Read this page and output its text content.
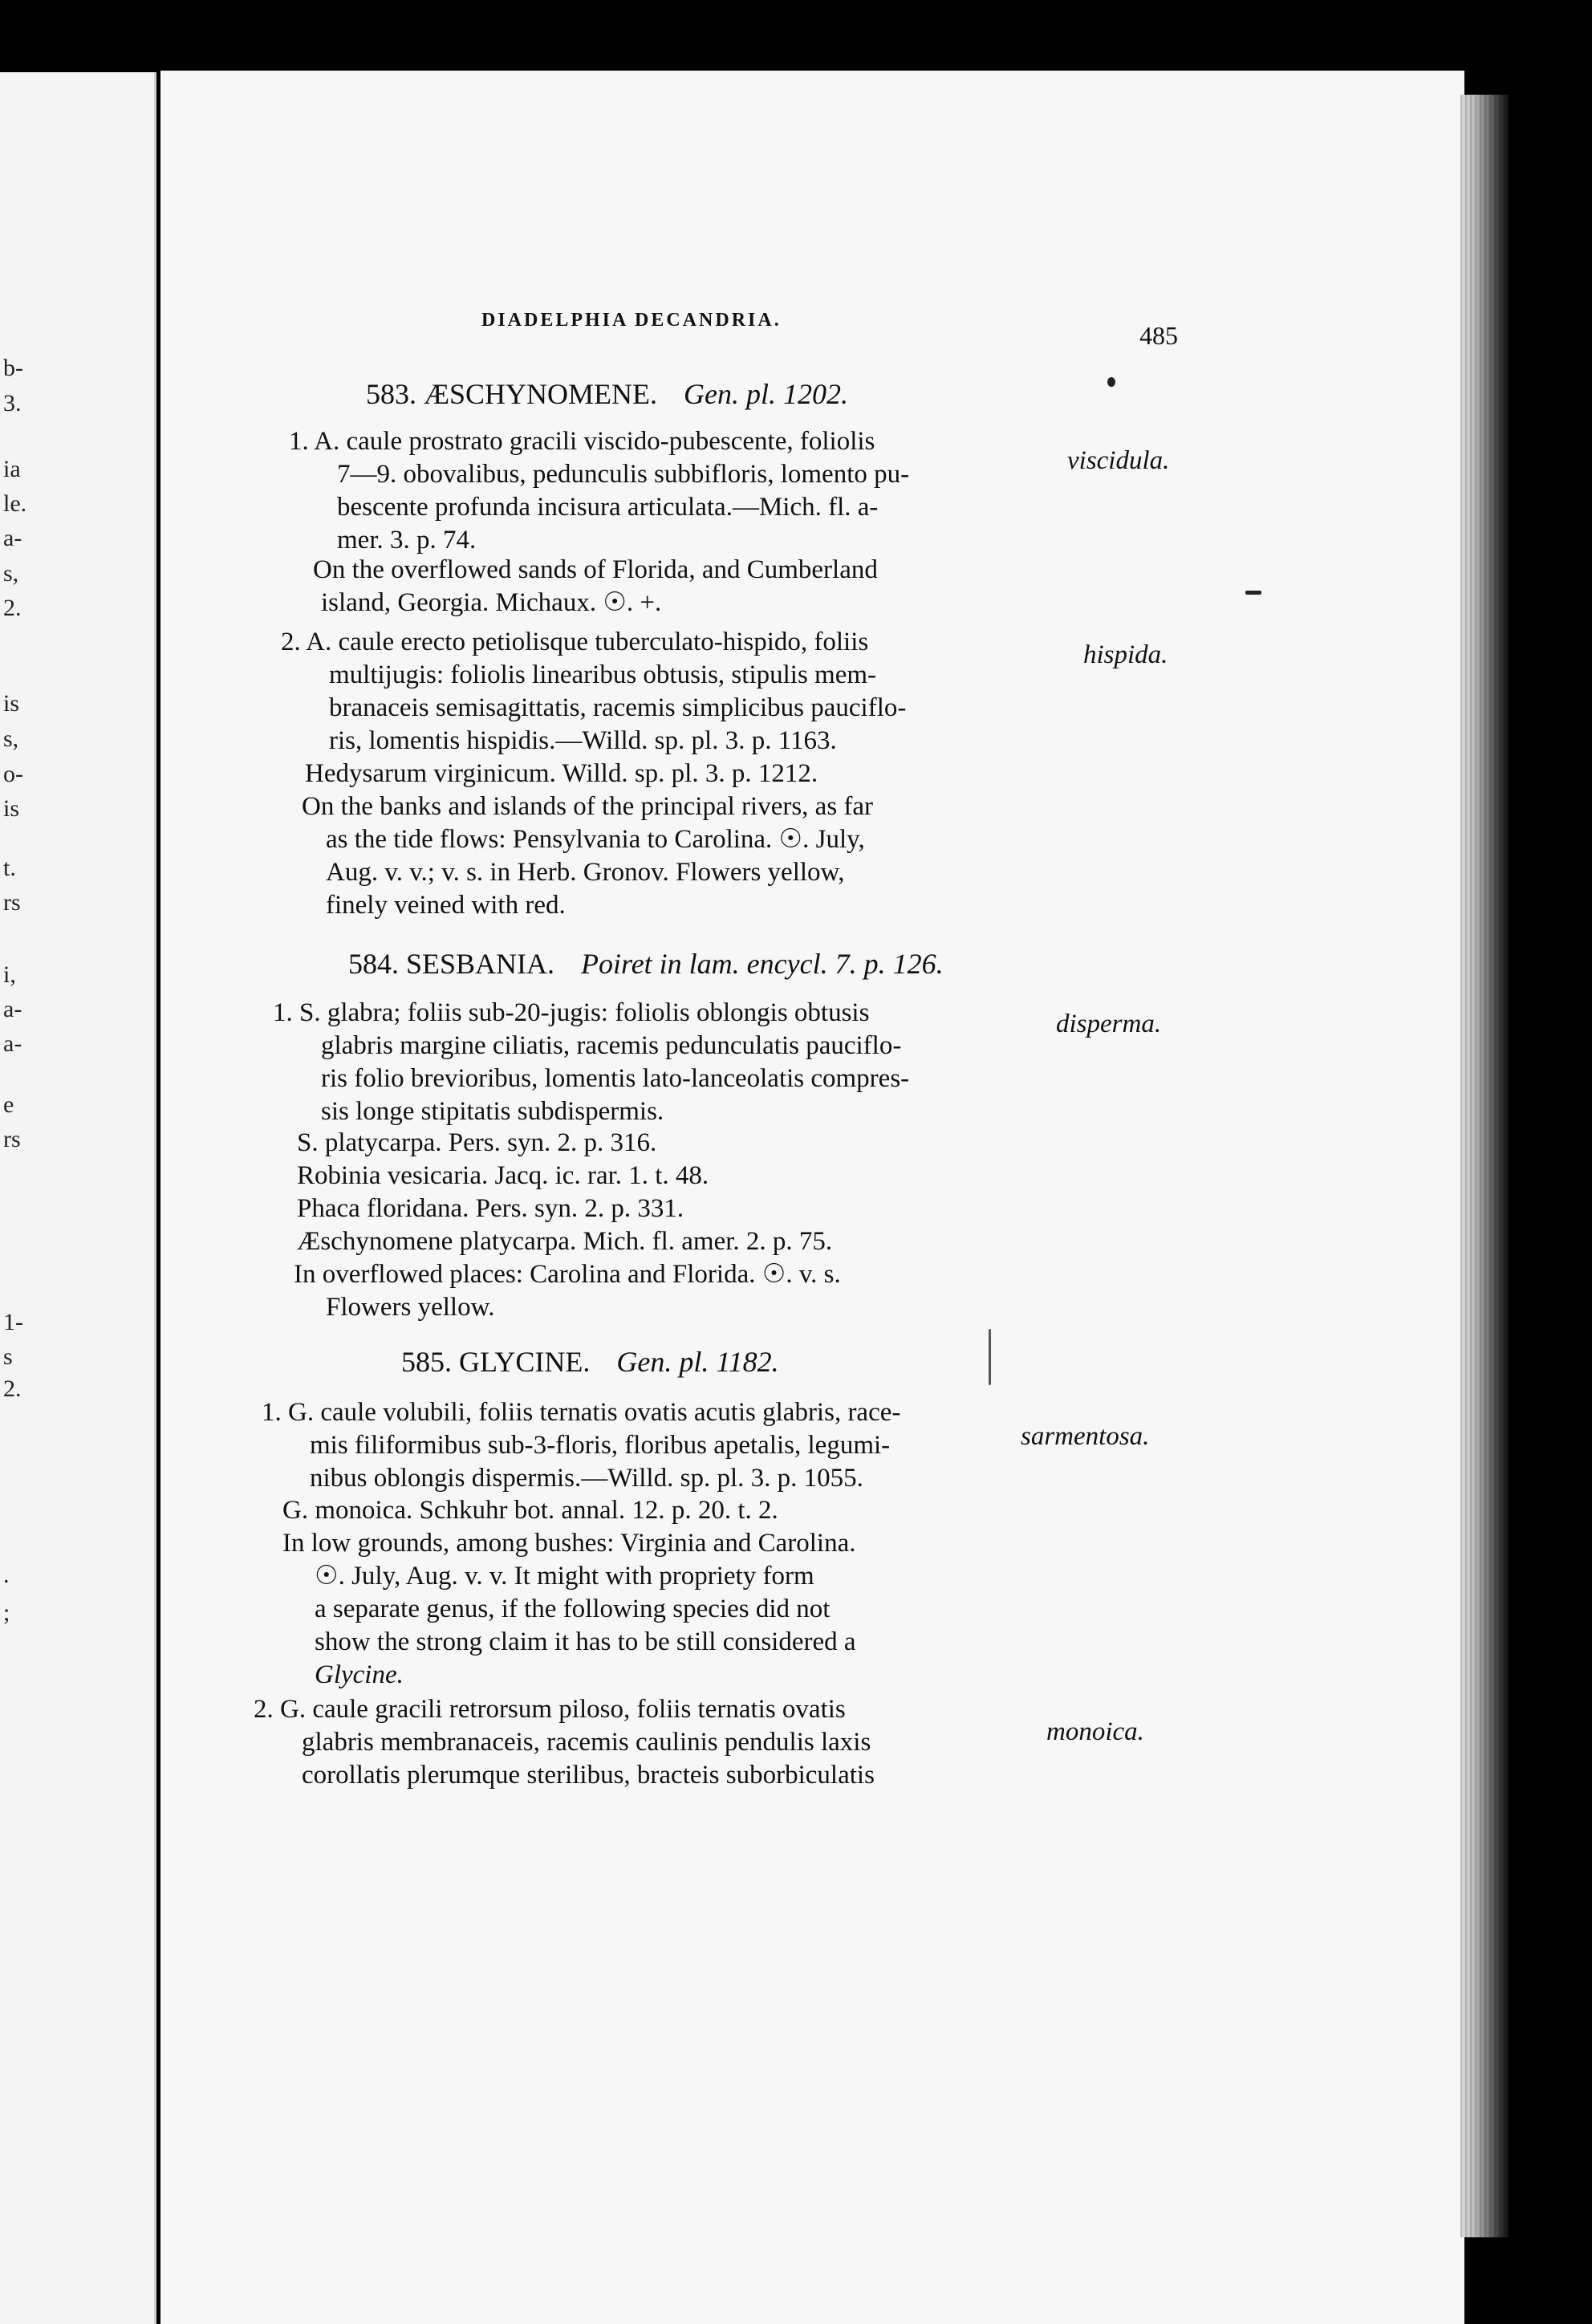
b-
3.
ia
le.
a-
s,
2.
is
s,
o-
is
t.
rs
i,
a-
a-
e
rs
1-
s
2.
.
;
DIADELPHIA DECANDRIA.
485
583. ÆSCHYNOMENE. Gen. pl. 1202.
1. A. caule prostrato gracili viscido-pubescente, foliolis
7—9. obovalibus, pedunculis subbifloris, lomento pu-
bescente profunda incisura articulata.—Mich. fl. a-
mer. 3. p. 74.
viscidula.
On the overflowed sands of Florida, and Cumberland
island, Georgia. Michaux. ☉. +.
2. A. caule erecto petiolisque tuberculato-hispido, foliis
multijugis: foliolis linearibus obtusis, stipulis mem-
branaceis semisagittatis, racemis simplicibus pauciflo-
ris, lomentis hispidis.—Willd. sp. pl. 3. p. 1163.
hispida.
Hedysarum virginicum. Willd. sp. pl. 3. p. 1212.
On the banks and islands of the principal rivers, as far
as the tide flows: Pensylvania to Carolina. ☉. July,
Aug. v. v.; v. s. in Herb. Gronov. Flowers yellow,
finely veined with red.
584. SESBANIA. Poiret in lam. encycl. 7. p. 126.
1. S. glabra; foliis sub-20-jugis: foliolis oblongis obtusis
glabris margine ciliatis, racemis pedunculatis pauciflo-
ris folio brevioribus, lomentis lato-lanceolatis compres-
sis longe stipitatis subdispermis.
disperma.
S. platycarpa. Pers. syn. 2. p. 316.
Robinia vesicaria. Jacq. ic. rar. 1. t. 48.
Phaca floridana. Pers. syn. 2. p. 331.
Æschynomene platycarpa. Mich. fl. amer. 2. p. 75.
In overflowed places: Carolina and Florida. ☉. v. s.
Flowers yellow.
585. GLYCINE. Gen. pl. 1182.
1. G. caule volubili, foliis ternatis ovatis acutis glabris, race-
mis filiformibus sub-3-floris, floribus apetalis, legumi-
nibus oblongis dispermis.—Willd. sp. pl. 3. p. 1055.
sarmentosa.
G. monoica. Schkuhr bot. annal. 12. p. 20. t. 2.
In low grounds, among bushes: Virginia and Carolina.
☉. July, Aug. v. v. It might with propriety form
a separate genus, if the following species did not
show the strong claim it has to be still considered a
Glycine.
2. G. caule gracili retrorsum piloso, foliis ternatis ovatis
glabris membranaceis, racemis caulinis pendulis laxis
corollatis plerumque sterilibus, bracteis suborbiculatis
monoica.
